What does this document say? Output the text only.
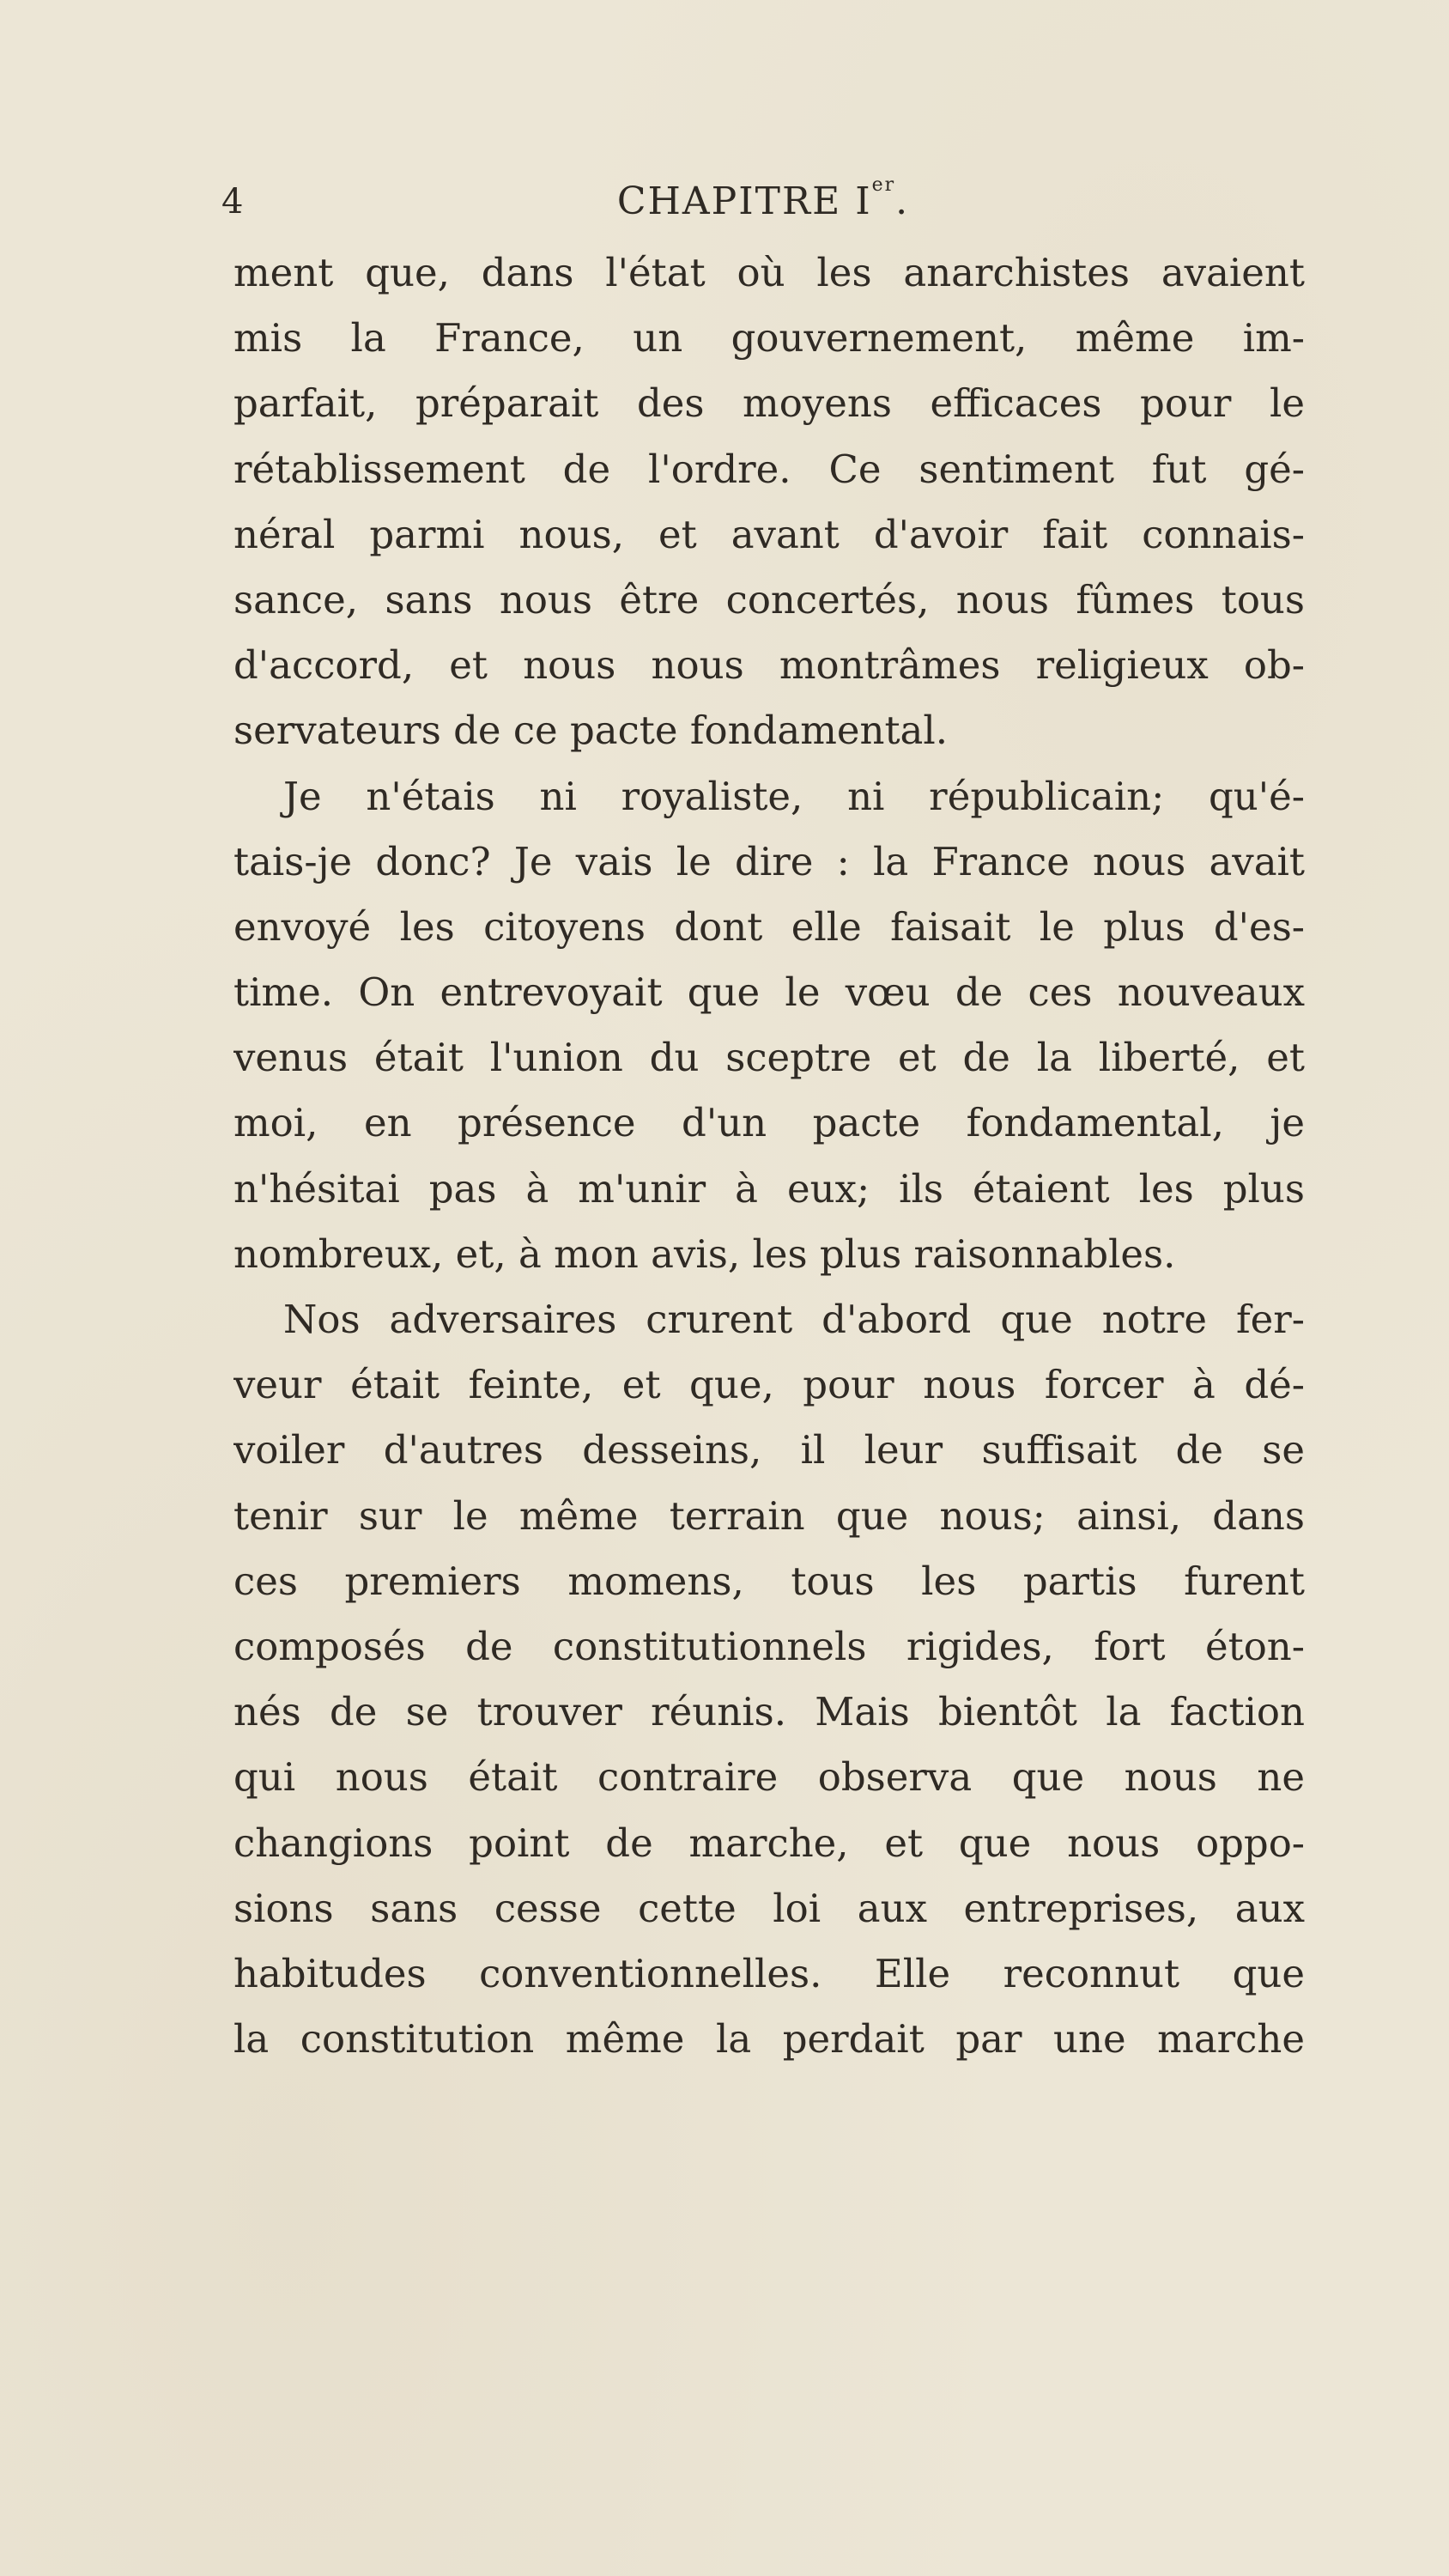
4	CHAPITRE Ier.
ment que, dans l'état où les anarchistes avaient
mis la France, un gouvernement, même im-
parfait, préparait des moyens efficaces pour le
rétablissement de l'ordre. Ce sentiment fut gé-
néral parmi nous, et avant d'avoir fait connais-
sance, sans nous être concertés, nous fûmes tous
d'accord, et nous nous montrâmes religieux ob-
servateurs de ce pacte fondamental.
Je n'étais ni royaliste, ni républicain; qu'é-
tais-je donc? Je vais le dire : la France nous avait
envoyé les citoyens dont elle faisait le plus d'es-
time. On entrevoyait que le vœu de ces nouveaux
venus était l'union du sceptre et de la liberté, et
moi, en présence d'un pacte fondamental, je
n'hésitai pas à m'unir à eux; ils étaient les plus
nombreux, et, à mon avis, les plus raisonnables.
Nos adversaires crurent d'abord que notre fer-
veur était feinte, et que, pour nous forcer à dé-
voiler d'autres desseins, il leur suffisait de se
tenir sur le même terrain que nous; ainsi, dans
ces premiers momens, tous les partis furent
composés de constitutionnels rigides, fort éton-
nés de se trouver réunis. Mais bientôt la faction
qui nous était contraire observa que nous ne
changions point de marche, et que nous oppo-
sions sans cesse cette loi aux entreprises, aux
habitudes conventionnelles. Elle reconnut que
la constitution même la perdait par une marche
